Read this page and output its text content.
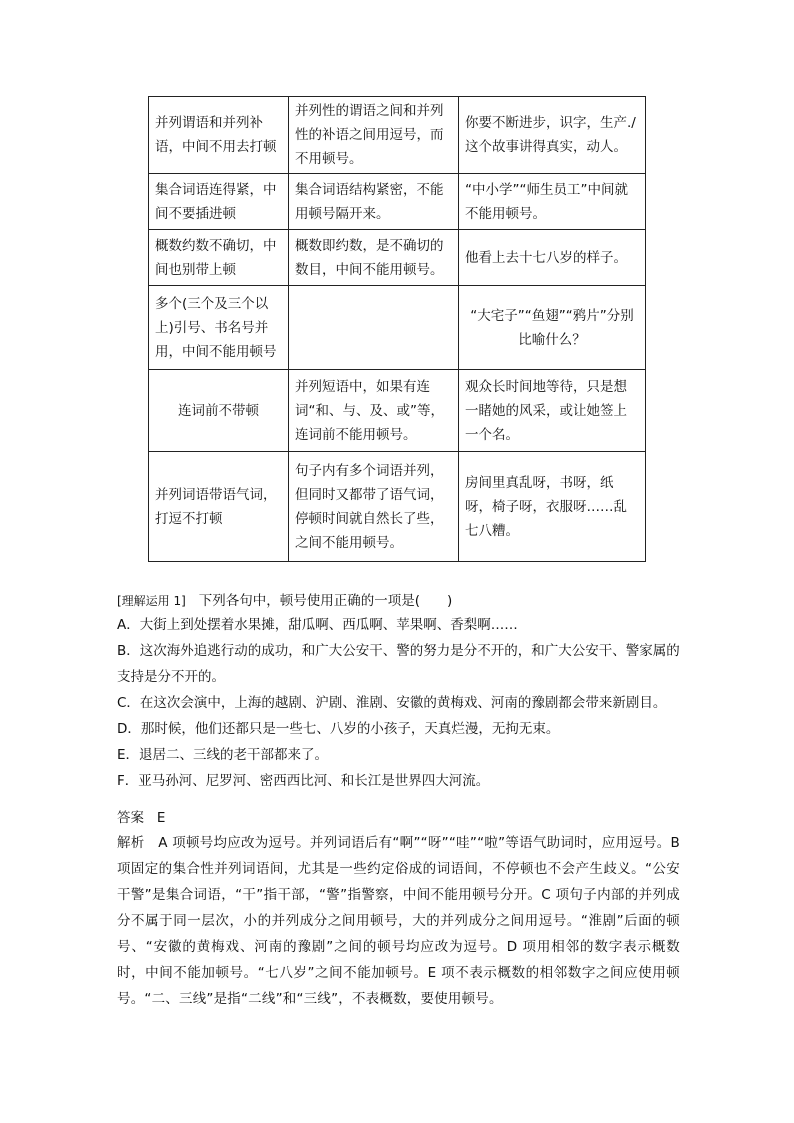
并列谓语和并列补语，中间不用去打顿	并列性的谓语之间和并列性的补语之间用逗号，而不用顿号。	你要不断进步，识字，生产./这个故事讲得真实，动人。
集合词语连得紧，中间不要插进顿	集合词语结构紧密，不能用顿号隔开来。	“中小学”“师生员工”中间就不能用顿号。
概数约数不确切，中间也别带上顿	概数即约数，是不确切的数目，中间不能用顿号。	他看上去十七八岁的样子。
多个(三个及三个以上)引号、书名号并用，中间不能用顿号		“大宅子”“鱼翅”“鸦片”分别比喻什么？
连词前不带顿	并列短语中，如果有连词“和、与、及、或”等，连词前不能用顿号。	观众长时间地等待，只是想一睹她的风采，或让她签上一个名。
并列词语带语气词，打逗不打顿	句子内有多个词语并列，但同时又都带了语气词，停顿时间就自然长了些，之间不能用顿号。	房间里真乱呀，书呀，纸呀，椅子呀，衣服呀……乱七八糟。
[理解运用 1] 下列各句中，顿号使用正确的一项是(　　)

A．大街上到处摆着水果摊，甜瓜啊、西瓜啊、苹果啊、香梨啊……

B．这次海外追逃行动的成功，和广大公安干、警的努力是分不开的，和广大公安干、警家属的支持是分不开的。

C．在这次会演中，上海的越剧、沪剧、淮剧、安徽的黄梅戏、河南的豫剧都会带来新剧目。

D．那时候，他们还都只是一些七、八岁的小孩子，天真烂漫，无拘无束。

E．退居二、三线的老干部都来了。

F．亚马孙河、尼罗河、密西西比河、和长江是世界四大河流。

答案 E
解析 A 项顿号均应改为逗号。并列词语后有“啊”“呀”“哇”“啦”等语气助词时，应用逗号。B 项固定的集合性并列词语间，尤其是一些约定俗成的词语间，不停顿也不会产生歧义。“公安干警”是集合词语，“干”指干部，“警”指警察，中间不能用顿号分开。C 项句子内部的并列成分不属于同一层次，小的并列成分之间用顿号，大的并列成分之间用逗号。“淮剧”后面的顿号、“安徽的黄梅戏、河南的豫剧”之间的顿号均应改为逗号。D 项用相邻的数字表示概数时，中间不能加顿号。“七八岁”之间不能加顿号。E 项不表示概数的相邻数字之间应使用顿号。“二、三线”是指“二线”和“三线”，不表概数，要使用顿号。
